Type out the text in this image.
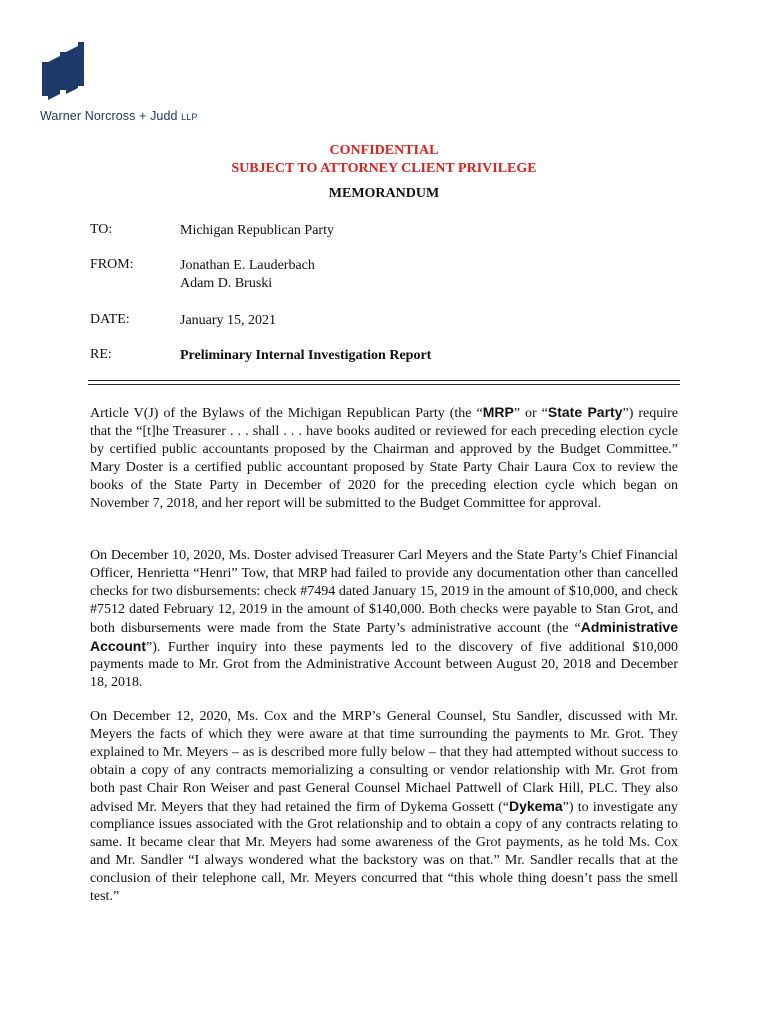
Warner Norcross + Judd LLP
CONFIDENTIAL
SUBJECT TO ATTORNEY CLIENT PRIVILEGE
MEMORANDUM
TO:	Michigan Republican Party
FROM:	Jonathan E. Lauderbach
Adam D. Bruski
DATE:	January 15, 2021
RE:	Preliminary Internal Investigation Report
Article V(J) of the Bylaws of the Michigan Republican Party (the “MRP” or “State Party”) require that the “[t]he Treasurer . . . shall . . . have books audited or reviewed for each preceding election cycle by certified public accountants proposed by the Chairman and approved by the Budget Committee.” Mary Doster is a certified public accountant proposed by State Party Chair Laura Cox to review the books of the State Party in December of 2020 for the preceding election cycle which began on November 7, 2018, and her report will be submitted to the Budget Committee for approval.
On December 10, 2020, Ms. Doster advised Treasurer Carl Meyers and the State Party’s Chief Financial Officer, Henrietta “Henri” Tow, that MRP had failed to provide any documentation other than cancelled checks for two disbursements: check #7494 dated January 15, 2019 in the amount of $10,000, and check #7512 dated February 12, 2019 in the amount of $140,000. Both checks were payable to Stan Grot, and both disbursements were made from the State Party’s administrative account (the “Administrative Account”). Further inquiry into these payments led to the discovery of five additional $10,000 payments made to Mr. Grot from the Administrative Account between August 20, 2018 and December 18, 2018.
On December 12, 2020, Ms. Cox and the MRP’s General Counsel, Stu Sandler, discussed with Mr. Meyers the facts of which they were aware at that time surrounding the payments to Mr. Grot. They explained to Mr. Meyers – as is described more fully below – that they had attempted without success to obtain a copy of any contracts memorializing a consulting or vendor relationship with Mr. Grot from both past Chair Ron Weiser and past General Counsel Michael Pattwell of Clark Hill, PLC. They also advised Mr. Meyers that they had retained the firm of Dykema Gossett (“Dykema”) to investigate any compliance issues associated with the Grot relationship and to obtain a copy of any contracts relating to same. It became clear that Mr. Meyers had some awareness of the Grot payments, as he told Ms. Cox and Mr. Sandler “I always wondered what the backstory was on that.” Mr. Sandler recalls that at the conclusion of their telephone call, Mr. Meyers concurred that “this whole thing doesn’t pass the smell test.”
